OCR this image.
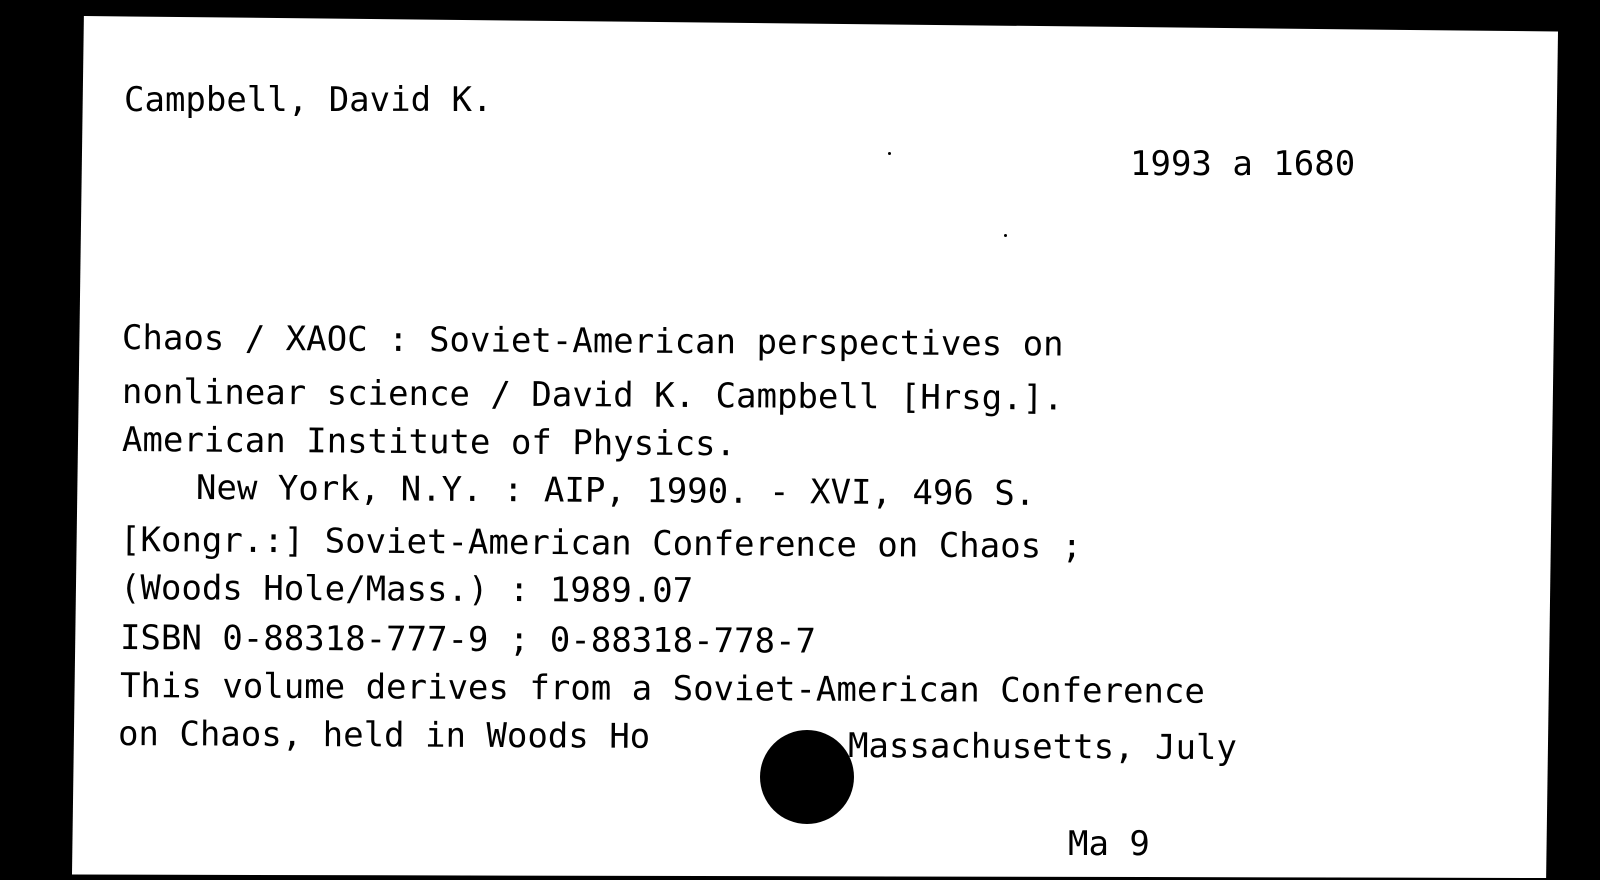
Campbell, David K.
1993 a 1680
Chaos / XAOC : Soviet-American perspectives on
nonlinear science / David K. Campbell [Hrsg.].
American Institute of Physics.
New York, N.Y. : AIP, 1990. - XVI, 496 S.
[Kongr.:] Soviet-American Conference on Chaos ;
(Woods Hole/Mass.) : 1989.07
ISBN 0-88318-777-9 ; 0-88318-778-7
This volume derives from a Soviet-American Conference
on Chaos, held in Woods Ho	Massachusetts, July
Ma 9
